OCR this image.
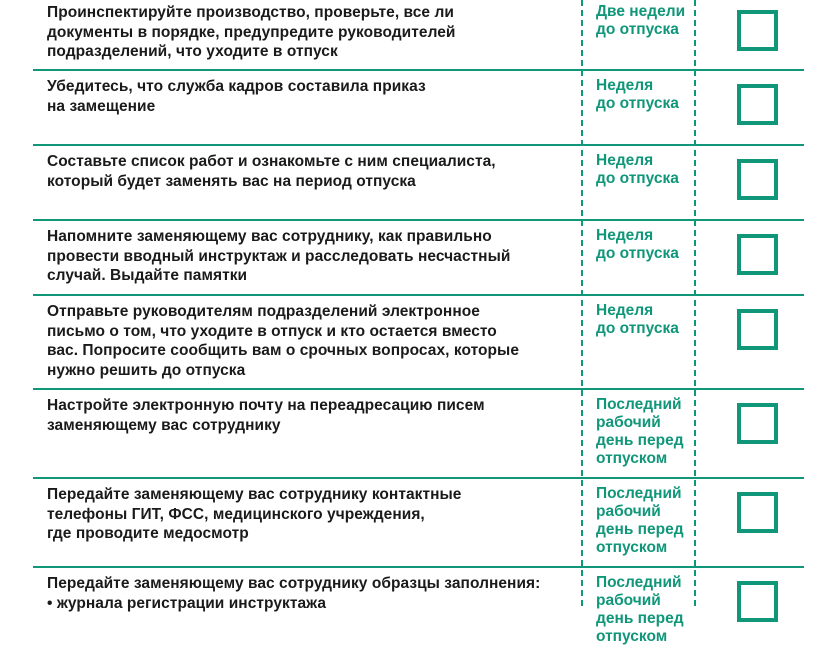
Проинспектируйте производство, проверьте, все ли
документы в порядке, предупредите руководителей
подразделений, что уходите в отпуск
Две недели
до отпуска
Убедитесь, что служба кадров составила приказ
на замещение
Неделя
до отпуска
Составьте список работ и ознакомьте с ним специалиста,
который будет заменять вас на период отпуска
Неделя
до отпуска
Напомните заменяющему вас сотруднику, как правильно
провести вводный инструктаж и расследовать несчастный
случай. Выдайте памятки
Неделя
до отпуска
Отправьте руководителям подразделений электронное
письмо о том, что уходите в отпуск и кто остается вместо
вас. Попросите сообщить вам о срочных вопросах, которые
нужно решить до отпуска
Неделя
до отпуска
Настройте электронную почту на переадресацию писем
заменяющему вас сотруднику
Последний
рабочий
день перед
отпуском
Передайте заменяющему вас сотруднику контактные
телефоны ГИТ, ФСС, медицинского учреждения,
где проводите медосмотр
Последний
рабочий
день перед
отпуском
Передайте заменяющему вас сотруднику образцы заполнения:
• журнала регистрации инструктажа
Последний
рабочий
день перед
отпуском
